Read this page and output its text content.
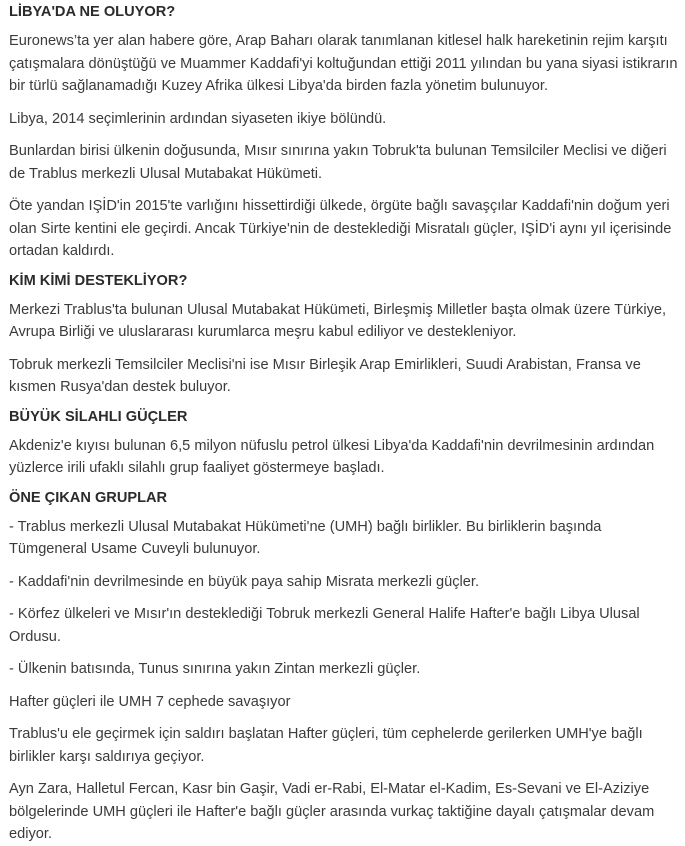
LİBYA'DA NE OLUYOR?

Euronews’ta yer alan habere göre, Arap Baharı olarak tanımlanan kitlesel halk hareketinin rejim karşıtı çatışmalara dönüştüğü ve Muammer Kaddafi'yi koltuğundan ettiği 2011 yılından bu yana siyasi istikrarın bir türlü sağlanamadığı Kuzey Afrika ülkesi Libya'da birden fazla yönetim bulunuyor.

Libya, 2014 seçimlerinin ardından siyaseten ikiye bölündü.

Bunlardan birisi ülkenin doğusunda, Mısır sınırına yakın Tobruk'ta bulunan Temsilciler Meclisi ve diğeri de Trablus merkezli Ulusal Mutabakat Hükümeti.

Öte yandan IŞİD'in 2015'te varlığını hissettirdiği ülkede, örgüte bağlı savaşçılar Kaddafi'nin doğum yeri olan Sirte kentini ele geçirdi. Ancak Türkiye'nin de desteklediği Misratalı güçler, IŞİD'i aynı yıl içerisinde ortadan kaldırdı.

KİM KİMİ DESTEKLİYOR?

Merkezi Trablus'ta bulunan Ulusal Mutabakat Hükümeti, Birleşmiş Milletler başta olmak üzere Türkiye, Avrupa Birliği ve uluslararası kurumlarca meşru kabul ediliyor ve destekleniyor.

Tobruk merkezli Temsilciler Meclisi'ni ise Mısır Birleşik Arap Emirlikleri, Suudi Arabistan, Fransa ve kısmen Rusya'dan destek buluyor.

BÜYÜK SİLAHLI GÜÇLER

Akdeniz'e kıyısı bulunan 6,5 milyon nüfuslu petrol ülkesi Libya'da Kaddafi'nin devrilmesinin ardından yüzlerce irili ufaklı silahlı grup faaliyet göstermeye başladı.

ÖNE ÇIKAN GRUPLAR

- Trablus merkezli Ulusal Mutabakat Hükümeti'ne (UMH) bağlı birlikler. Bu birliklerin başında Tümgeneral Usame Cuveyli bulunuyor.

- Kaddafi'nin devrilmesinde en büyük paya sahip Misrata merkezli güçler.

- Körfez ülkeleri ve Mısır'ın desteklediği Tobruk merkezli General Halife Hafter'e bağlı Libya Ulusal Ordusu.

- Ülkenin batısında, Tunus sınırına yakın Zintan merkezli güçler.

Hafter güçleri ile UMH 7 cephede savaşıyor

Trablus'u ele geçirmek için saldırı başlatan Hafter güçleri, tüm cephelerde gerilerken UMH'ye bağlı birlikler karşı saldırıya geçiyor.

Ayn Zara, Halletul Fercan, Kasr bin Gaşir, Vadi er-Rabi, El-Matar el-Kadim, Es-Sevani ve El-Aziziye bölgelerinde UMH güçleri ile Hafter'e bağlı güçler arasında vurkaç taktiğine dayalı çatışmalar devam ediyor.
